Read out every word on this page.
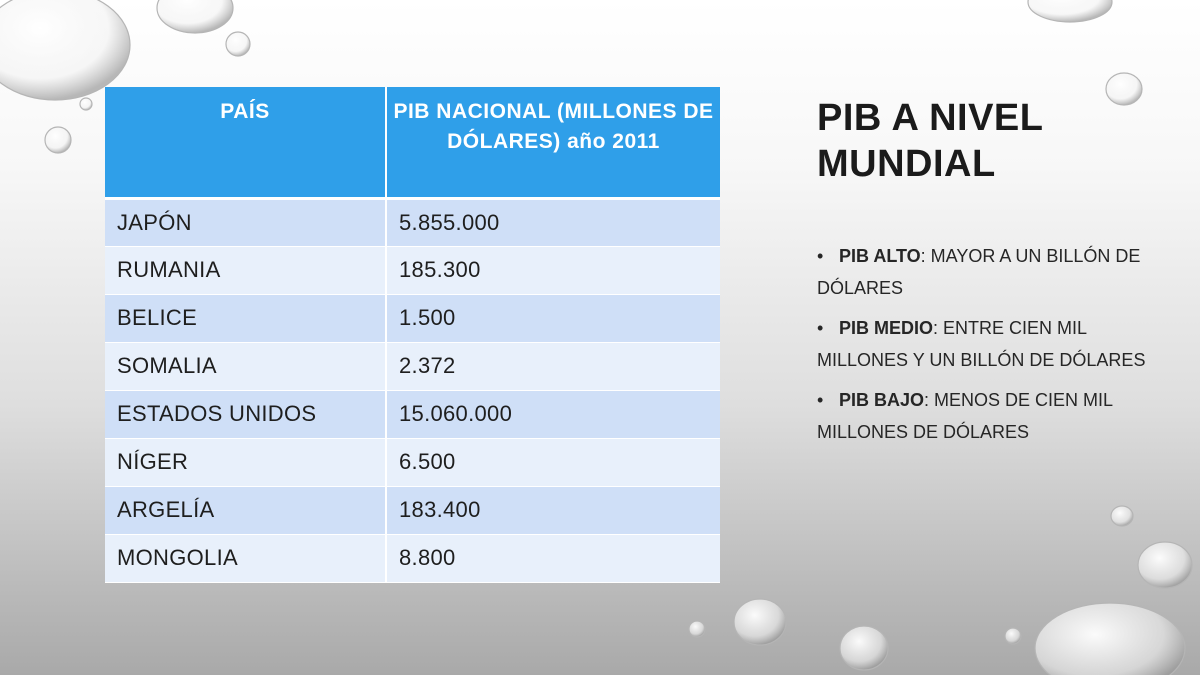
PAÍS	PIB NACIONAL (MILLONES DE DÓLARES) año 2011
JAPÓN	5.855.000
RUMANIA	185.300
BELICE	1.500
SOMALIA	2.372
ESTADOS UNIDOS	15.060.000
NÍGER	6.500
ARGELÍA	183.400
MONGOLIA	8.800
PIB A NIVEL MUNDIAL
• PIB ALTO: MAYOR A UN BILLÓN DE DÓLARES
• PIB MEDIO: ENTRE CIEN MIL MILLONES Y UN BILLÓN DE DÓLARES
• PIB BAJO: MENOS DE CIEN MIL MILLONES DE DÓLARES
